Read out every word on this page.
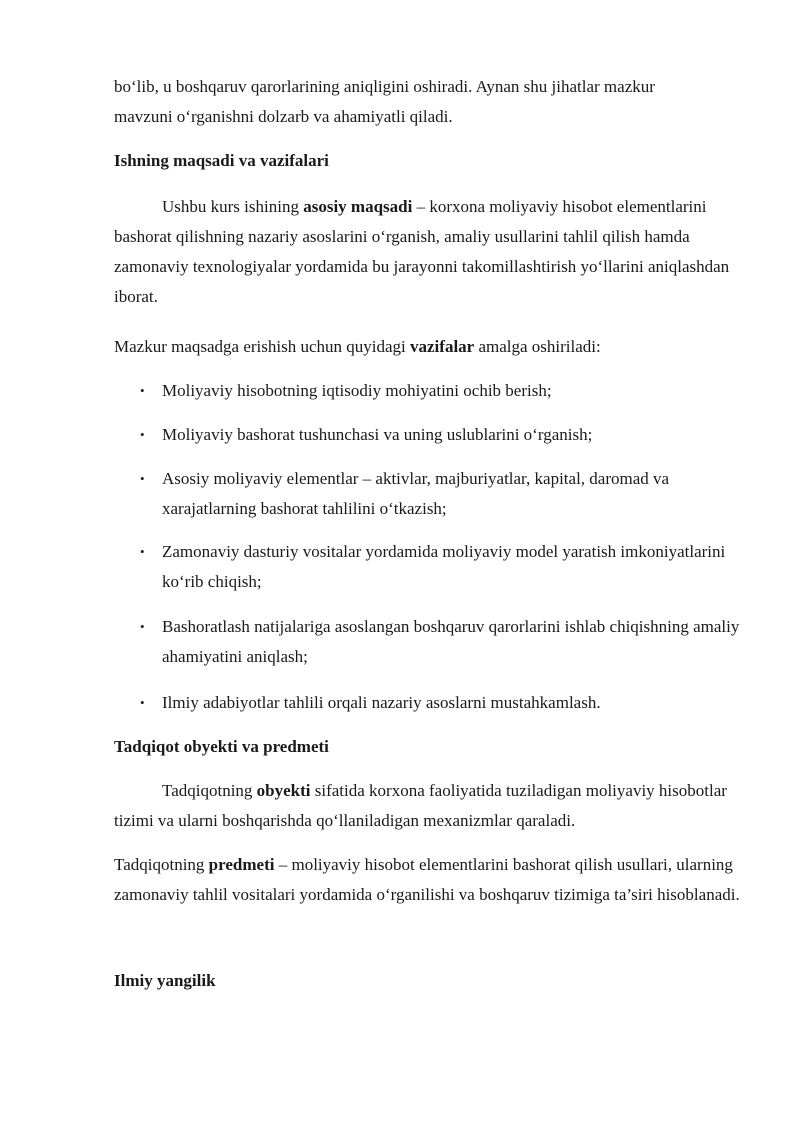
bo‘lib, u boshqaruv qarorlarining aniqligini oshiradi. Aynan shu jihatlar mazkur

mavzuni o‘rganishni dolzarb va ahamiyatli qiladi.

Ishning maqsadi va vazifalari

Ushbu kurs ishining asosiy maqsadi – korxona moliyaviy hisobot elementlarini bashorat qilishning nazariy asoslarini o‘rganish, amaliy usullarini tahlil qilish hamda zamonaviy texnologiyalar yordamida bu jarayonni takomillashtirish yo‘llarini aniqlashdan iborat.

Mazkur maqsadga erishish uchun quyidagi vazifalar amalga oshiriladi:

• Moliyaviy hisobotning iqtisodiy mohiyatini ochib berish;
• Moliyaviy bashorat tushunchasi va uning uslublarini o‘rganish;
• Asosiy moliyaviy elementlar – aktivlar, majburiyatlar, kapital, daromad va xarajatlarning bashorat tahlilini o‘tkazish;
• Zamonaviy dasturiy vositalar yordamida moliyaviy model yaratish imkoniyatlarini ko‘rib chiqish;
• Bashoratlash natijalariga asoslangan boshqaruv qarorlarini ishlab chiqishning amaliy ahamiyatini aniqlash;
• Ilmiy adabiyotlar tahlili orqali nazariy asoslarni mustahkamlash.
Tadqiqot obyekti va predmeti

Tadqiqotning obyekti sifatida korxona faoliyatida tuziladigan moliyaviy hisobotlar tizimi va ularni boshqarishda qo‘llaniladigan mexanizmlar qaraladi.

Tadqiqotning predmeti – moliyaviy hisobot elementlarini bashorat qilish usullari, ularning zamonaviy tahlil vositalari yordamida o‘rganilishi va boshqaruv tizimiga ta’siri hisoblanadi.

Ilmiy yangilik
